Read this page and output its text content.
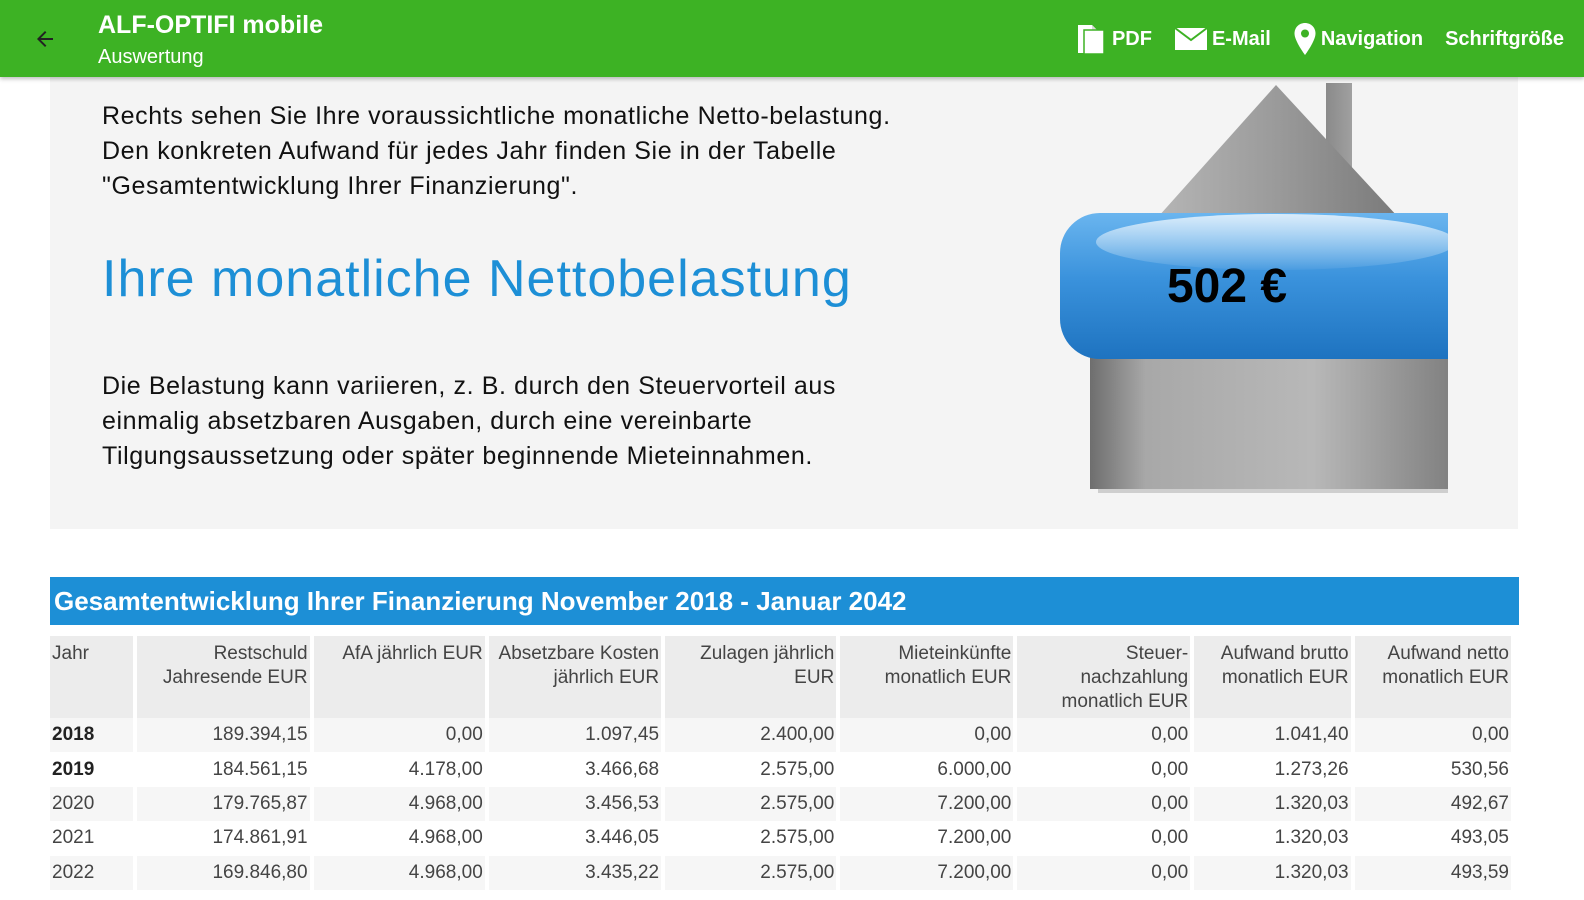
ALF-OPTIFI mobile
Auswertung
PDF	E-Mail	Navigation Schriftgröße
Rechts sehen Sie Ihre voraussichtliche monatliche Netto-belastung. Den konkreten Aufwand für jedes Jahr finden Sie in der Tabelle "Gesamtentwicklung Ihrer Finanzierung".
Ihre monatliche Nettobelastung
Die Belastung kann variieren, z. B. durch den Steuervorteil aus einmalig absetzbaren Ausgaben, durch eine vereinbarte Tilgungsaussetzung oder später beginnende Mieteinnahmen.
502 €
Gesamtentwicklung Ihrer Finanzierung November 2018 - Januar 2042
Jahr	Restschuld Jahresende EUR	AfA jährlich EUR	Absetzbare Kosten jährlich EUR	Zulagen jährlich EUR	Mieteinkünfte monatlich EUR	Steuer-nachzahlung monatlich EUR	Aufwand brutto monatlich EUR	Aufwand netto monatlich EUR
2018	189.394,15	0,00	1.097,45	2.400,00	0,00	0,00	1.041,40	0,00
2019	184.561,15	4.178,00	3.466,68	2.575,00	6.000,00	0,00	1.273,26	530,56
2020	179.765,87	4.968,00	3.456,53	2.575,00	7.200,00	0,00	1.320,03	492,67
2021	174.861,91	4.968,00	3.446,05	2.575,00	7.200,00	0,00	1.320,03	493,05
2022	169.846,80	4.968,00	3.435,22	2.575,00	7.200,00	0,00	1.320,03	493,59
